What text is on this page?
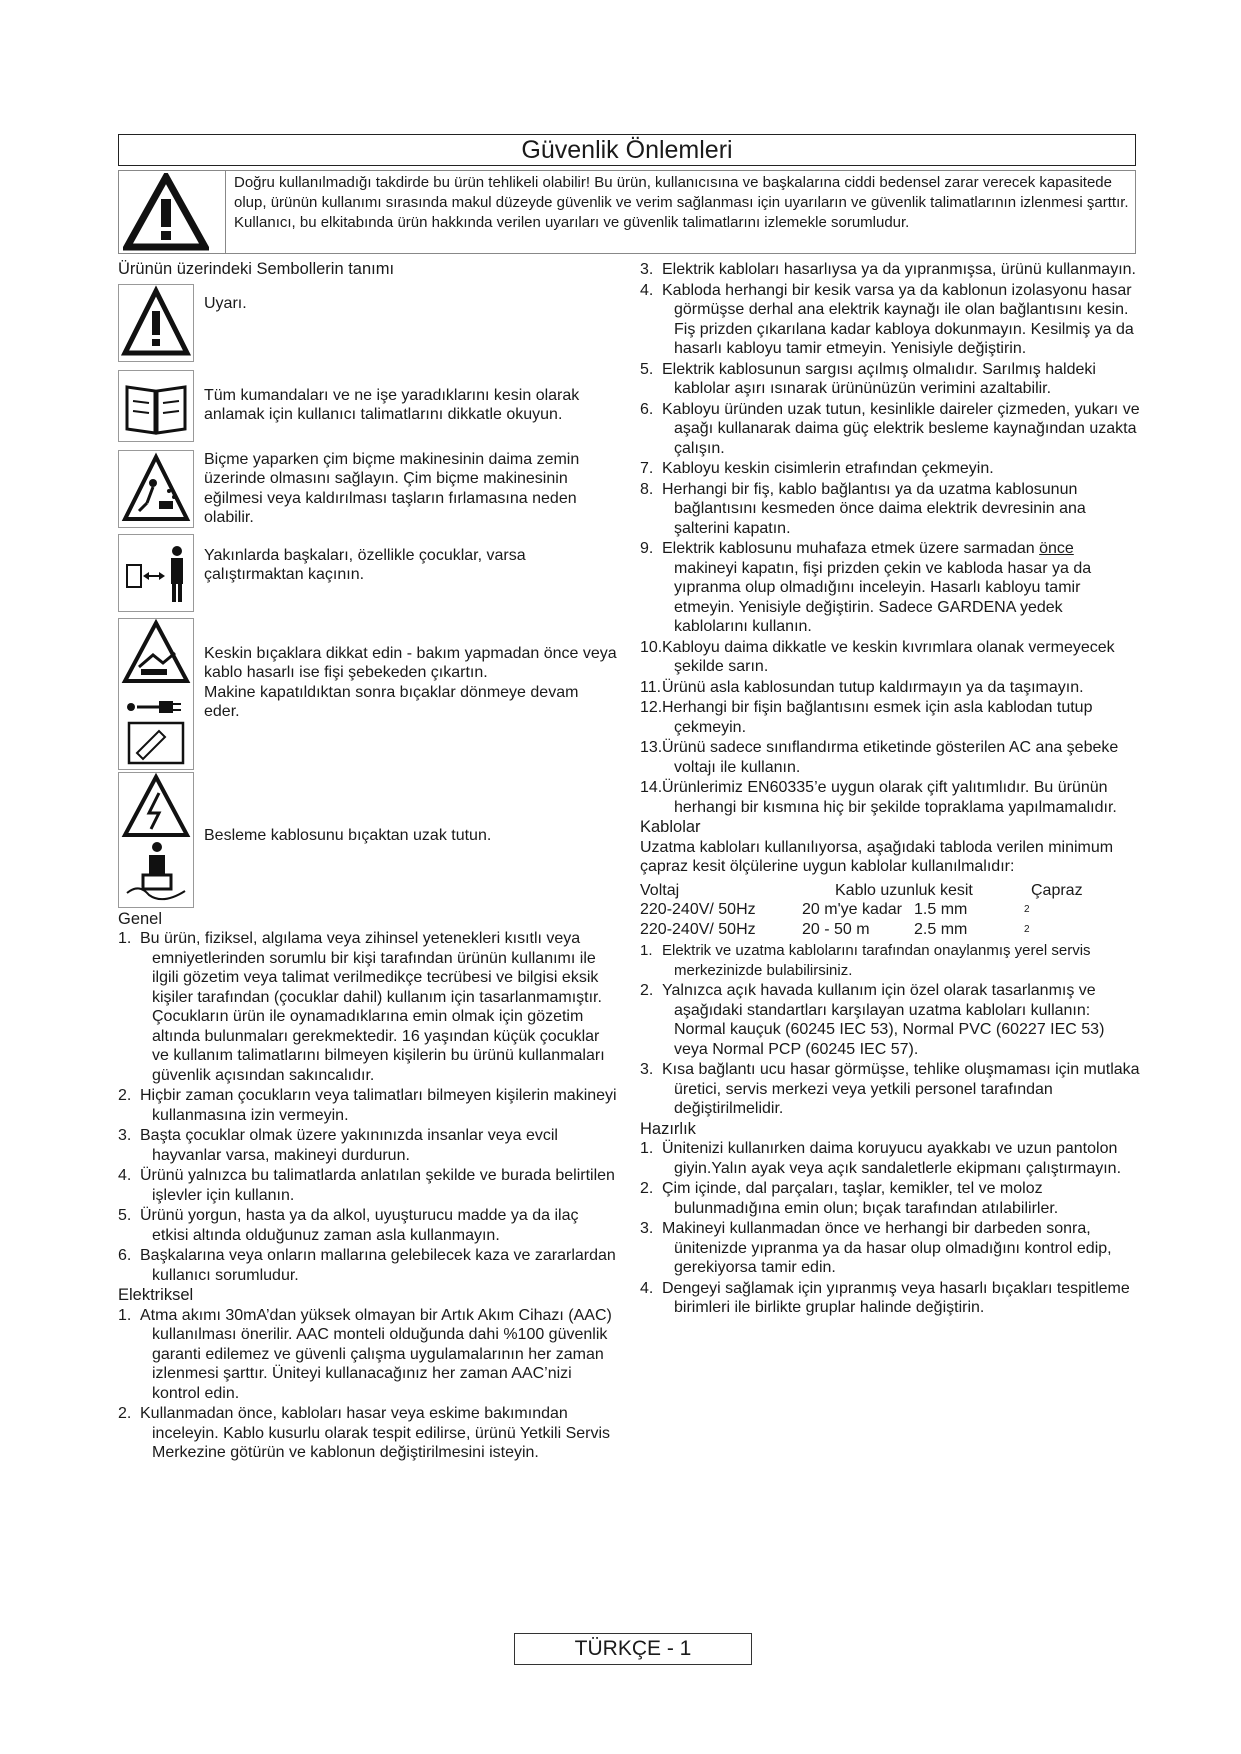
Güvenlik Önlemleri
Doğru kullanılmadığı takdirde bu ürün tehlikeli olabilir! Bu ürün, kullanıcısına ve başkalarına ciddi bedensel zarar verecek kapasitede olup, ürünün kullanımı sırasında makul düzeyde güvenlik ve verim sağlanması için uyarıların ve güvenlik talimatlarının izlenmesi şarttır. Kullanıcı, bu elkitabında ürün hakkında verilen uyarıları ve güvenlik talimatlarını izlemekle sorumludur.

Ürünün üzerindeki Sembollerin tanımı

Uyarı.
Tüm kumandaları ve ne işe yaradıklarını kesin olarak anlamak için kullanıcı talimatlarını dikkatle okuyun.
Biçme yaparken çim biçme makinesinin daima zemin üzerinde olmasını sağlayın. Çim biçme makinesinin eğilmesi veya kaldırılması taşların fırlamasına neden olabilir.
Yakınlarda başkaları, özellikle çocuklar, varsa çalıştırmaktan kaçının.
Keskin bıçaklara dikkat edin - bakım yapmadan önce veya kablo hasarlı ise fişi şebekeden çıkartın.
Makine kapatıldıktan sonra bıçaklar dönmeye devam eder.
Besleme kablosunu bıçaktan uzak tutun.

Genel

1. Bu ürün, fiziksel, algılama veya zihinsel yetenekleri kısıtlı veya emniyetlerinden sorumlu bir kişi tarafından ürünün kullanımı ile ilgili gözetim veya talimat verilmedikçe tecrübesi ve bilgisi eksik kişiler tarafından (çocuklar dahil) kullanım için tasarlanmamıştır. Çocukların ürün ile oynamadıklarına emin olmak için gözetim altında bulunmaları gerekmektedir. 16 yaşından küçük çocuklar ve kullanım talimatlarını bilmeyen kişilerin bu ürünü kullanmaları güvenlik açısından sakıncalıdır.
2. Hiçbir zaman çocukların veya talimatları bilmeyen kişilerin makineyi kullanmasına izin vermeyin.
3. Başta çocuklar olmak üzere yakınınızda insanlar veya evcil hayvanlar varsa, makineyi durdurun.
4. Ürünü yalnızca bu talimatlarda anlatılan şekilde ve burada belirtilen işlevler için kullanın.
5. Ürünü yorgun, hasta ya da alkol, uyuşturucu madde ya da ilaç etkisi altında olduğunuz zaman asla kullanmayın.
6. Başkalarına veya onların mallarına gelebilecek kaza ve zararlardan kullanıcı sorumludur.

Elektriksel

1. Atma akımı 30mA’dan yüksek olmayan bir Artık Akım Cihazı (AAC) kullanılması önerilir. AAC monteli olduğunda dahi %100 güvenlik garanti edilemez ve güvenli çalışma uygulamalarının her zaman izlenmesi şarttır. Üniteyi kullanacağınız her zaman AAC’nizi kontrol edin.
2. Kullanmadan önce, kabloları hasar veya eskime bakımından inceleyin. Kablo kusurlu olarak tespit edilirse, ürünü Yetkili Servis Merkezine götürün ve kablonun değiştirilmesini isteyin.
3. Elektrik kabloları hasarlıysa ya da yıpranmışsa, ürünü kullanmayın.
4. Kabloda herhangi bir kesik varsa ya da kablonun izolasyonu hasar görmüşse derhal ana elektrik kaynağı ile olan bağlantısını kesin. Fiş prizden çıkarılana kadar kabloya dokunmayın. Kesilmiş ya da hasarlı kabloyu tamir etmeyin. Yenisiyle değiştirin.
5. Elektrik kablosunun sargısı açılmış olmalıdır. Sarılmış haldeki kablolar aşırı ısınarak ürününüzün verimini azaltabilir.
6. Kabloyu üründen uzak tutun, kesinlikle daireler çizmeden, yukarı ve aşağı kullanarak daima güç elektrik besleme kaynağından uzakta çalışın.
7. Kabloyu keskin cisimlerin etrafından çekmeyin.
8. Herhangi bir fiş, kablo bağlantısı ya da uzatma kablosunun bağlantısını kesmeden önce daima elektrik devresinin ana şalterini kapatın.
9. Elektrik kablosunu muhafaza etmek üzere sarmadan önce makineyi kapatın, fişi prizden çekin ve kabloda hasar ya da yıpranma olup olmadığını inceleyin. Hasarlı kabloyu tamir etmeyin. Yenisiyle değiştirin. Sadece GARDENA yedek kablolarını kullanın.
10.Kabloyu daima dikkatle ve keskin kıvrımlara olanak vermeyecek şekilde sarın.
11.Ürünü asla kablosundan tutup kaldırmayın ya da taşımayın.
12.Herhangi bir fişin bağlantısını esmek için asla kablodan tutup çekmeyin.
13.Ürünü sadece sınıflandırma etiketinde gösterilen AC ana şebeke voltajı ile kullanın.
14.Ürünlerimiz EN60335’e uygun olarak çift yalıtımlıdır. Bu ürünün herhangi bir kısmına hiç bir şekilde topraklama yapılmamalıdır.

Kablolar

Uzatma kabloları kullanılıyorsa, aşağıdaki tabloda verilen minimum çapraz kesit ölçülerine uygun kablolar kullanılmalıdır:
Voltaj	Kablo uzunluk kesit	Çapraz
220-240V/ 50Hz	20 m'ye kadar 1.5 mm	2
220-240V/ 50Hz	20 - 50 m	2.5 mm	2
1. Elektrik ve uzatma kablolarını tarafından onaylanmış yerel servis merkezinizde bulabilirsiniz.
2. Yalnızca açık havada kullanım için özel olarak tasarlanmış ve aşağıdaki standartları karşılayan uzatma kabloları kullanın: Normal kauçuk (60245 IEC 53), Normal PVC (60227 IEC 53) veya Normal PCP (60245 IEC 57).
3. Kısa bağlantı ucu hasar görmüşse, tehlike oluşmaması için mutlaka üretici, servis merkezi veya yetkili personel tarafından değiştirilmelidir.

Hazırlık

1. Ünitenizi kullanırken daima koruyucu ayakkabı ve uzun pantolon giyin.Yalın ayak veya açık sandaletlerle ekipmanı çalıştırmayın.
2. Çim içinde, dal parçaları, taşlar, kemikler, tel ve moloz bulunmadığına emin olun; bıçak tarafından atılabilirler.
3. Makineyi kullanmadan önce ve herhangi bir darbeden sonra, ünitenizde yıpranma ya da hasar olup olmadığını kontrol edip, gerekiyorsa tamir edin.
4. Dengeyi sağlamak için yıpranmış veya hasarlı bıçakları tespitleme birimleri ile birlikte gruplar halinde değiştirin.
TÜRKÇE - 1
